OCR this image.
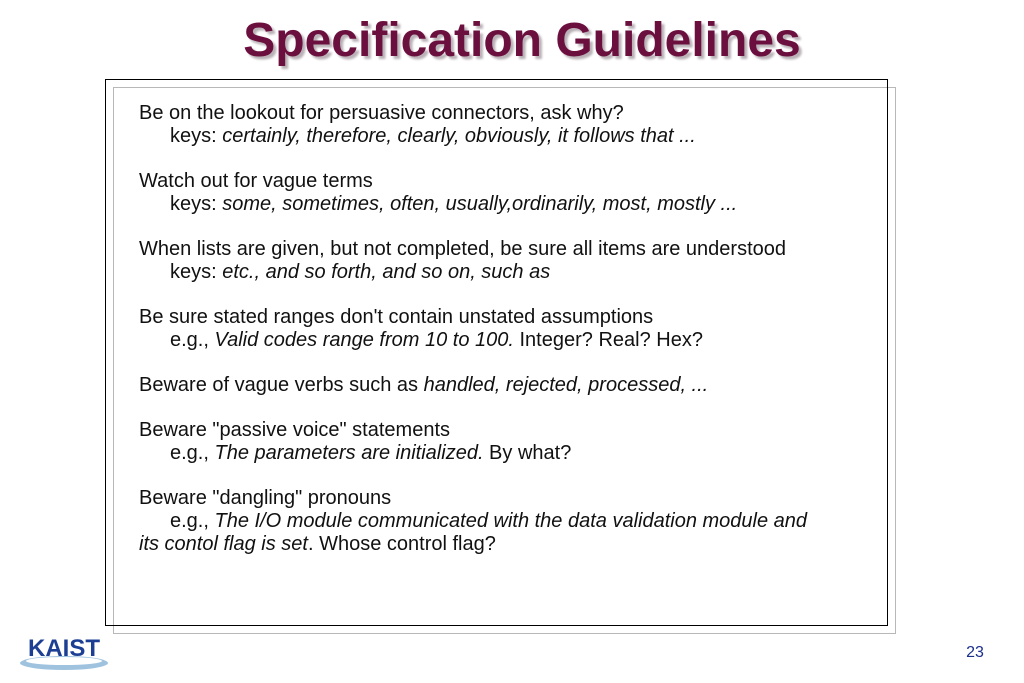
Specification Guidelines
Be on the lookout for persuasive connectors, ask why?
keys: certainly, therefore, clearly, obviously, it follows that ...
Watch out for vague terms
keys: some, sometimes, often, usually,ordinarily, most, mostly ...
When lists are given, but not completed, be sure all items are understood
keys: etc., and so forth, and so on, such as
Be sure stated ranges don't contain unstated assumptions
e.g., Valid codes range from 10 to 100. Integer? Real? Hex?
Beware of vague verbs such as handled, rejected, processed, ...
Beware "passive voice" statements
e.g., The parameters are initialized. By what?
Beware "dangling" pronouns
e.g., The I/O module communicated with the data validation module and
its contol flag is set. Whose control flag?
KAIST	23
